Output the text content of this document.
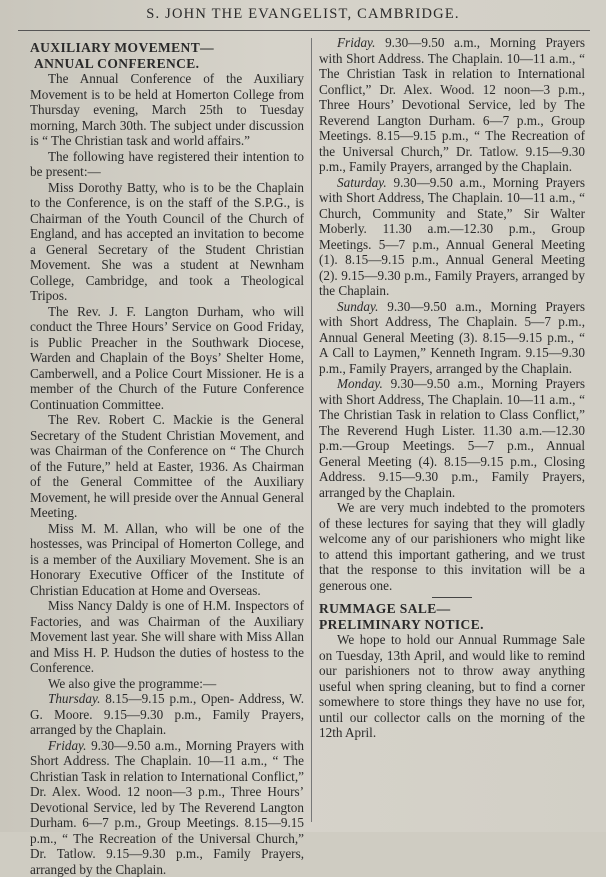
S. JOHN THE EVANGELIST, CAMBRIDGE.
AUXILIARY MOVEMENT—
ANNUAL CONFERENCE.

The Annual Conference of the Auxiliary Movement is to be held at Homerton College from Thursday evening, March 25th to Tuesday morning, March 30th. The subject under discussion is “ The Christian task and world affairs.”

The following have registered their intention to be present:—

Miss Dorothy Batty, who is to be the Chaplain to the Conference, is on the staff of the S.P.G., is Chairman of the Youth Council of the Church of England, and has accepted an invitation to become a General Secretary of the Student Christian Movement. She was a student at Newnham College, Cambridge, and took a Theological Tripos.

The Rev. J. F. Langton Durham, who will conduct the Three Hours’ Service on Good Friday, is Public Preacher in the Southwark Diocese, Warden and Chaplain of the Boys’ Shelter Home, Camberwell, and a Police Court Missioner. He is a member of the Church of the Future Conference Continuation Committee.

The Rev. Robert C. Mackie is the General Secretary of the Student Christian Movement, and was Chairman of the Conference on “ The Church of the Future,” held at Easter, 1936. As Chairman of the General Committee of the Auxiliary Movement, he will preside over the Annual General Meeting.

Miss M. M. Allan, who will be one of the hostesses, was Principal of Homerton College, and is a member of the Auxiliary Movement. She is an Honorary Executive Officer of the Institute of Christian Education at Home and Overseas.

Miss Nancy Daldy is one of H.M. Inspectors of Factories, and was Chairman of the Auxiliary Movement last year. She will share with Miss Allan and Miss H. P. Hudson the duties of hostess to the Conference.

We also give the programme:—

Thursday. 8.15—9.15 p.m., Open- Address, W. G. Moore. 9.15—9.30 p.m., Family Prayers, arranged by the Chaplain.

Friday. 9.30—9.50 a.m., Morning Prayers with Short Address. The Chaplain. 10—11 a.m., “ The Christian Task in relation to International Conflict,” Dr. Alex. Wood. 12 noon—3 p.m., Three Hours’ Devotional Service, led by The Reverend Langton Durham. 6—7 p.m., Group Meetings. 8.15—9.15 p.m., “ The Recreation of the Universal Church,” Dr. Tatlow. 9.15—9.30 p.m., Family Prayers, arranged by the Chaplain.

Friday. 9.30—9.50 a.m., Morning Prayers with Short Address. The Chaplain. 10—11 a.m., “ The Christian Task in relation to International Conflict,” Dr. Alex. Wood. 12 noon—3 p.m., Three Hours’ Devotional Service, led by The Reverend Langton Durham. 6—7 p.m., Group Meetings. 8.15—9.15 p.m., “ The Recreation of the Universal Church,” Dr. Tatlow. 9.15—9.30 p.m., Family Prayers, arranged by the Chaplain.

Saturday. 9.30—9.50 a.m., Morning Prayers with Short Address, The Chaplain. 10—11 a.m., “ Church, Community and State,” Sir Walter Moberly. 11.30 a.m.—12.30 p.m., Group Meetings. 5—7 p.m., Annual General Meeting (1). 8.15—9.15 p.m., Annual General Meeting (2). 9.15—9.30 p.m., Family Prayers, arranged by the Chaplain.

Sunday. 9.30—9.50 a.m., Morning Prayers with Short Address, The Chaplain. 5—7 p.m., Annual General Meeting (3). 8.15—9.15 p.m., “ A Call to Laymen,” Kenneth Ingram. 9.15—9.30 p.m., Family Prayers, arranged by the Chaplain.

Monday. 9.30—9.50 a.m., Morning Prayers with Short Address, The Chaplain. 10—11 a.m., “ The Christian Task in relation to Class Conflict,” The Reverend Hugh Lister. 11.30 a.m.—12.30 p.m.—Group Meetings. 5—7 p.m., Annual General Meeting (4). 8.15—9.15 p.m., Closing Address. 9.15—9.30 p.m., Family Prayers, arranged by the Chaplain.

We are very much indebted to the promoters of these lectures for saying that they will gladly welcome any of our parishioners who might like to attend this important gathering, and we trust that the response to this invitation will be a generous one.

RUMMAGE SALE—
PRELIMINARY NOTICE.

We hope to hold our Annual Rummage Sale on Tuesday, 13th April, and would like to remind our parishioners not to throw away anything useful when spring cleaning, but to find a corner somewhere to store things they have no use for, until our collector calls on the morning of the 12th April.
